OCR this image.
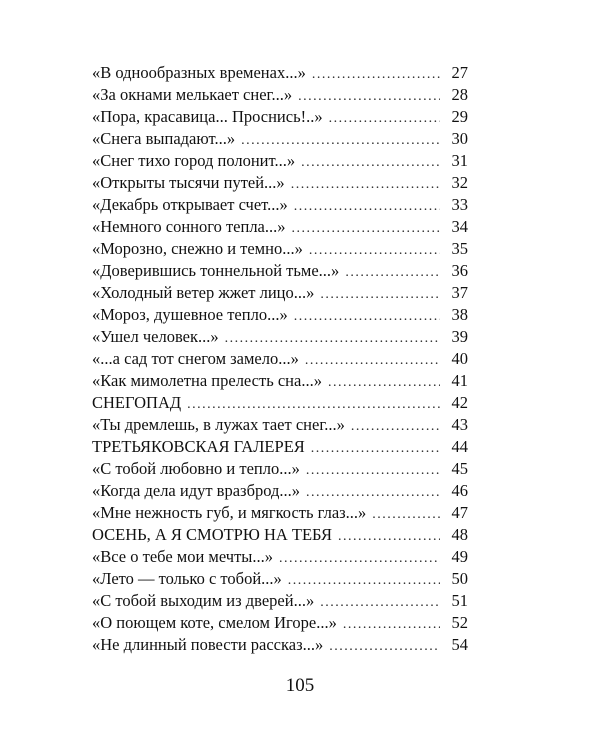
«В однообразных временах...» . . .	27
«За окнами мелькает снег...» . . .	28
«Пора, красавица... Проснись!..» . . .	29
«Снега выпадают...» . . .	30
«Снег тихо город полонит...» . . .	31
«Открыты тысячи путей...» . . .	32
«Декабрь открывает счет...» . . .	33
«Немного сонного тепла...» . . .	34
«Морозно, снежно и темно...» . . .	35
«Доверившись тоннельной тьме...» . . .	36
«Холодный ветер жжет лицо...» . . .	37
«Мороз, душевное тепло...» . . .	38
«Ушел человек...» . . .	39
«...а сад тот снегом замело...» . . .	40
«Как мимолетна прелесть сна...» . . .	41
СНЕГОПАД . . .	42
«Ты дремлешь, в лужах тает снег...» . . .	43
ТРЕТЬЯКОВСКАЯ ГАЛЕРЕЯ . . .	44
«С тобой любовно и тепло...» . . .	45
«Когда дела идут вразброд...» . . .	46
«Мне нежность губ, и мягкость глаз...» . . .	47
ОСЕНЬ, А Я СМОТРЮ НА ТЕБЯ . . .	48
«Все о тебе мои мечты...» . . .	49
«Лето — только с тобой...» . . .	50
«С тобой выходим из дверей...» . . .	51
«О поющем коте, смелом Игоре...» . . .	52
«Не длинный повести рассказ...» . . .	54
105
